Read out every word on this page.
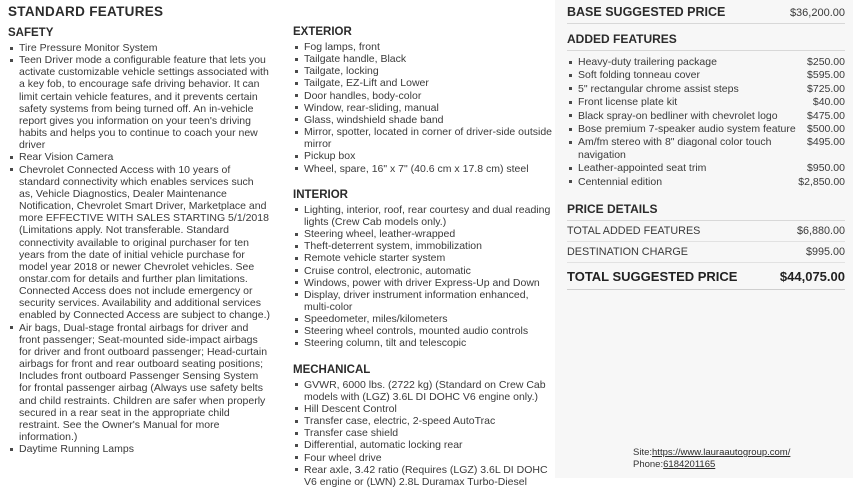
STANDARD FEATURES
SAFETY
Tire Pressure Monitor System
Teen Driver mode a configurable feature that lets you activate customizable vehicle settings associated with a key fob, to encourage safe driving behavior. It can limit certain vehicle features, and it prevents certain safety systems from being turned off. An in-vehicle report gives you information on your teen's driving habits and helps you to continue to coach your new driver
Rear Vision Camera
Chevrolet Connected Access with 10 years of standard connectivity which enables services such as, Vehicle Diagnostics, Dealer Maintenance Notification, Chevrolet Smart Driver, Marketplace and more EFFECTIVE WITH SALES STARTING 5/1/2018 (Limitations apply. Not transferable. Standard connectivity available to original purchaser for ten years from the date of initial vehicle purchase for model year 2018 or newer Chevrolet vehicles. See onstar.com for details and further plan limitations. Connected Access does not include emergency or security services. Availability and additional services enabled by Connected Access are subject to change.)
Air bags, Dual-stage frontal airbags for driver and front passenger; Seat-mounted side-impact airbags for driver and front outboard passenger; Head-curtain airbags for front and rear outboard seating positions; Includes front outboard Passenger Sensing System for frontal passenger airbag (Always use safety belts and child restraints. Children are safer when properly secured in a rear seat in the appropriate child restraint. See the Owner's Manual for more information.)
Daytime Running Lamps
EXTERIOR
Fog lamps, front
Tailgate handle, Black
Tailgate, locking
Tailgate, EZ-Lift and Lower
Door handles, body-color
Window, rear-sliding, manual
Glass, windshield shade band
Mirror, spotter, located in corner of driver-side outside mirror
Pickup box
Wheel, spare, 16" x 7" (40.6 cm x 17.8 cm) steel
INTERIOR
Lighting, interior, roof, rear courtesy and dual reading lights (Crew Cab models only.)
Steering wheel, leather-wrapped
Theft-deterrent system, immobilization
Remote vehicle starter system
Cruise control, electronic, automatic
Windows, power with driver Express-Up and Down
Display, driver instrument information enhanced, multi-color
Speedometer, miles/kilometers
Steering wheel controls, mounted audio controls
Steering column, tilt and telescopic
MECHANICAL
GVWR, 6000 lbs. (2722 kg) (Standard on Crew Cab models with (LGZ) 3.6L DI DOHC V6 engine only.)
Hill Descent Control
Transfer case, electric, 2-speed AutoTrac
Transfer case shield
Differential, automatic locking rear
Four wheel drive
Rear axle, 3.42 ratio (Requires (LGZ) 3.6L DI DOHC V6 engine or (LWN) 2.8L Duramax Turbo-Diesel
BASE SUGGESTED PRICE	$36,200.00
ADDED FEATURES
Heavy-duty trailering package	$250.00
Soft folding tonneau cover	$595.00
5" rectangular chrome assist steps	$725.00
Front license plate kit	$40.00
Black spray-on bedliner with chevrolet logo	$475.00
Bose premium 7-speaker audio system feature $500.00
Am/fm stereo with 8" diagonal color touch navigation
$495.00
Leather-appointed seat trim	$950.00
Centennial edition	$2,850.00
PRICE DETAILS
TOTAL ADDED FEATURES	$6,880.00
DESTINATION CHARGE	$995.00
TOTAL SUGGESTED PRICE	$44,075.00
Site:https://www.lauraautogroup.com/
Phone:6184201165
